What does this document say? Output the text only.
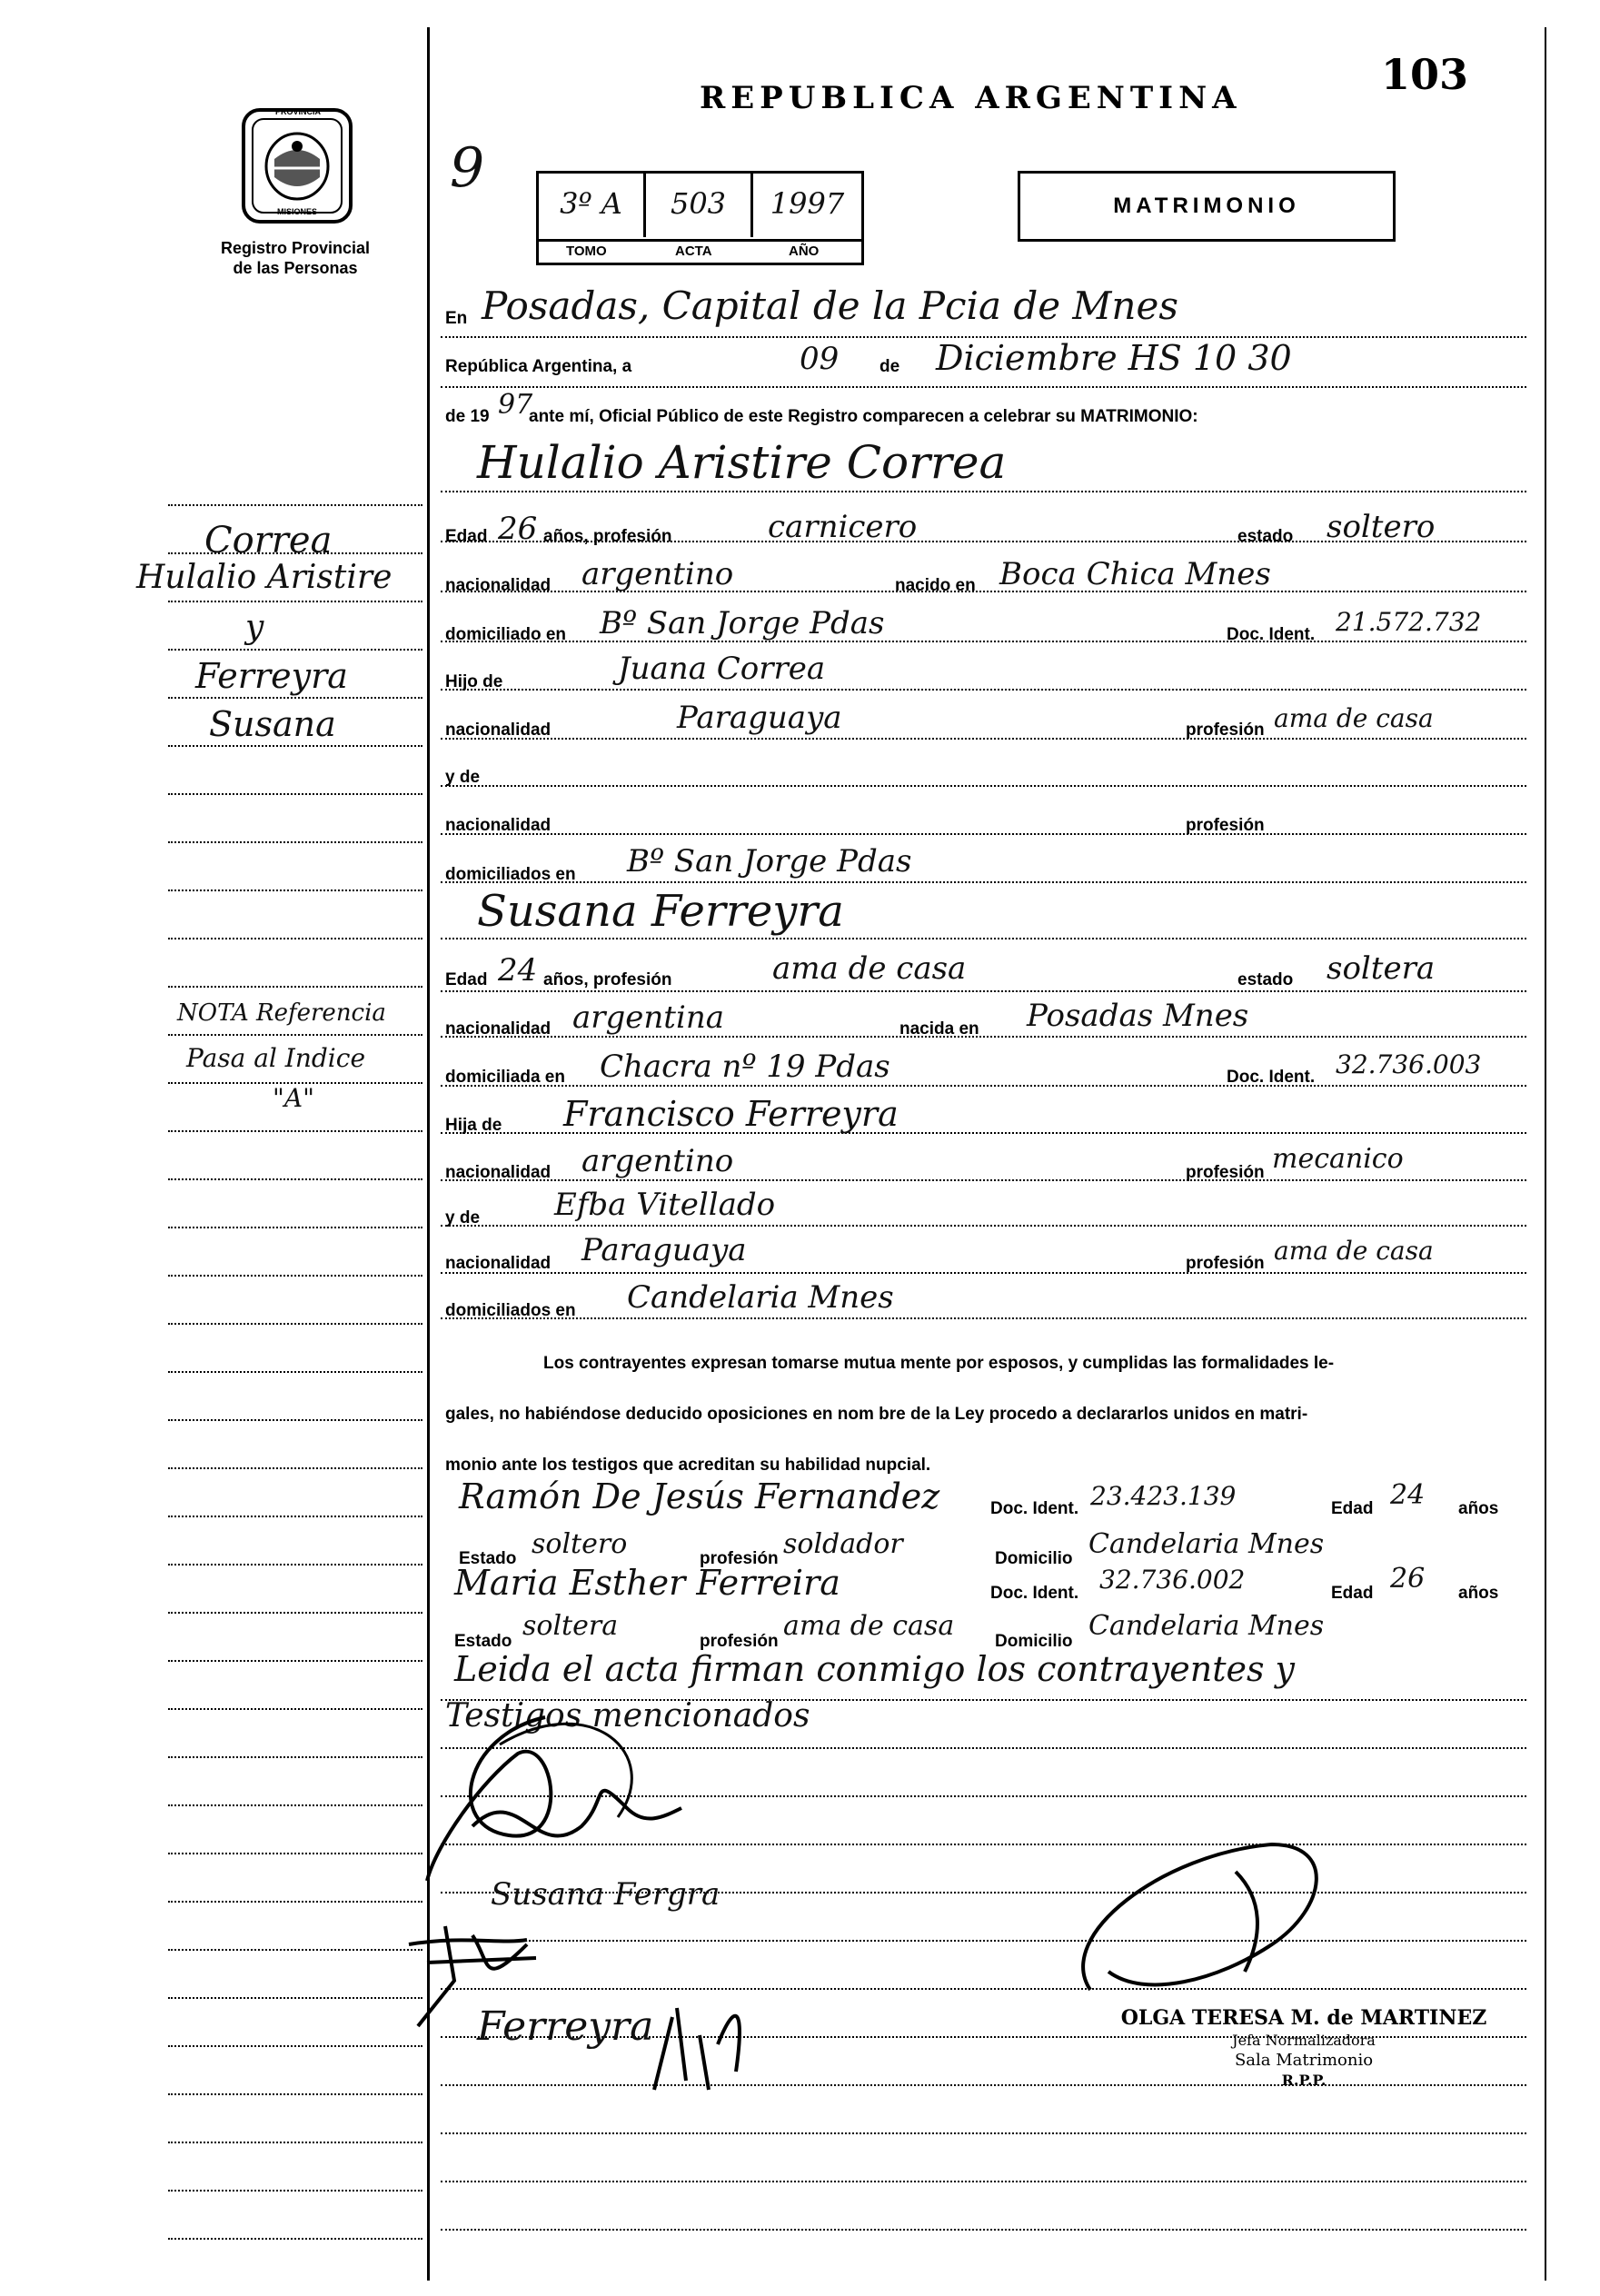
PROVINCIA
MISIONES
Registro Provincial
de las Personas
Correa
Hulalio Aristire
y
Ferreyra
Susana
NOTA Referencia
Pasa al Indice
"A"
REPUBLICA ARGENTINA	103
9
3º A	503	1997
TOMO	ACTA	AÑO
MATRIMONIO
En Posadas, Capital de la Pcia de Mnes
República Argentina, a	09 de Diciembre HS 10 30
de 19 97
ante mí, Oficial Público de este Registro comparecen a celebrar su MATRIMONIO:
Hulalio Aristire Correa
Edad 26 años, profesión	carnicero	estado soltero
nacionalidad argentino	nacido en Boca Chica Mnes
domiciliado en Bº San Jorge Pdas	Doc. Ident. 21.572.732
Hijo de	Juana Correa
nacionalidad	Paraguaya	profesión ama de casa
y de
nacionalidad	profesión
domiciliados en Bº San Jorge Pdas
Susana Ferreyra
Edad 24 años, profesión	ama de casa	estado soltera
nacionalidad argentina	nacida en Posadas Mnes
domiciliada en Chacra nº 19 Pdas	Doc. Ident. 32.736.003
Hija de Francisco Ferreyra
nacionalidad argentino	profesión mecanico
y de Efba Vitellado
nacionalidad Paraguaya	profesión ama de casa
domiciliados en Candelaria Mnes
Los contrayentes expresan tomarse mutua mente por esposos, y cumplidas las formalidades le-
gales, no habiéndose deducido oposiciones en nom bre de la Ley procedo a declararlos unidos en matri-
monio ante los testigos que acreditan su habilidad nupcial.
Ramón De Jesús Fernandez	Doc. Ident. 23.423.139	Edad 24 años
Estado soltero	profesión soldador	Domicilio Candelaria Mnes
Maria Esther Ferreira	Doc. Ident. 32.736.002	Edad 26 años
Estado soltera	profesión ama de casa Domicilio Candelaria Mnes
Leida el acta firman conmigo los contrayentes y
Testigos mencionados
Susana Fergra
Ferreyra	OLGA TERESA M. de MARTINEZ
Jefa Normalizadora
Sala Matrimonio
R.P.P.
